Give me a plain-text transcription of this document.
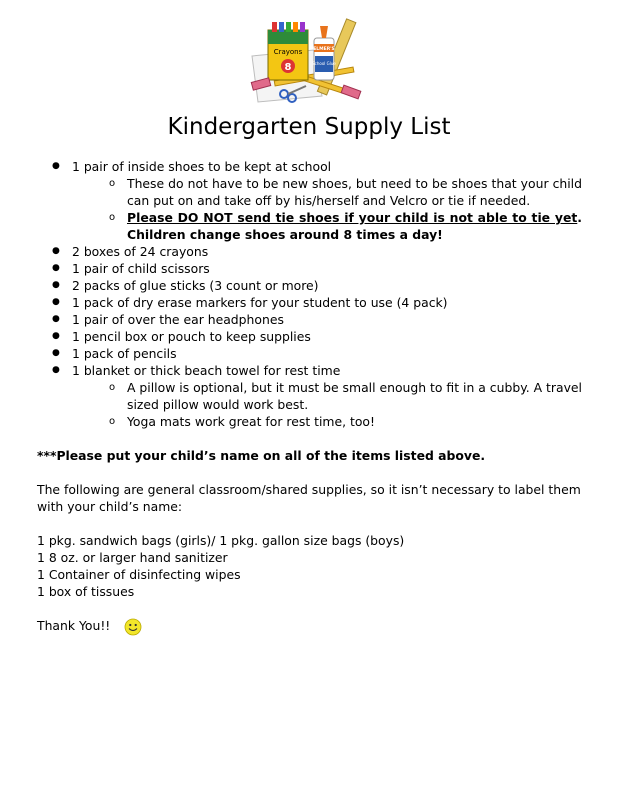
Crayons
8
ELMER'S
School Glue
Kindergarten Supply List
● 1 pair of inside shoes to be kept at school
o These do not have to be new shoes, but need to be shoes that your child can put on and take off by his/herself and Velcro or tie if needed.
o Please DO NOT send tie shoes if your child is not able to tie yet. Children change shoes around 8 times a day!
● 2 boxes of 24 crayons
● 1 pair of child scissors
● 2 packs of glue sticks (3 count or more)
● 1 pack of dry erase markers for your student to use (4 pack)
● 1 pair of over the ear headphones
● 1 pencil box or pouch to keep supplies
● 1 pack of pencils
● 1 blanket or thick beach towel for rest time
o A pillow is optional, but it must be small enough to fit in a cubby. A travel sized pillow would work best.
o Yoga mats work great for rest time, too!
***Please put your child’s name on all of the items listed above.
The following are general classroom/shared supplies, so it isn’t necessary to label them with your child’s name:
1 pkg. sandwich bags (girls)/ 1 pkg. gallon size bags (boys)
1 8 oz. or larger hand sanitizer
1 Container of disinfecting wipes
1 box of tissues
Thank You!!
